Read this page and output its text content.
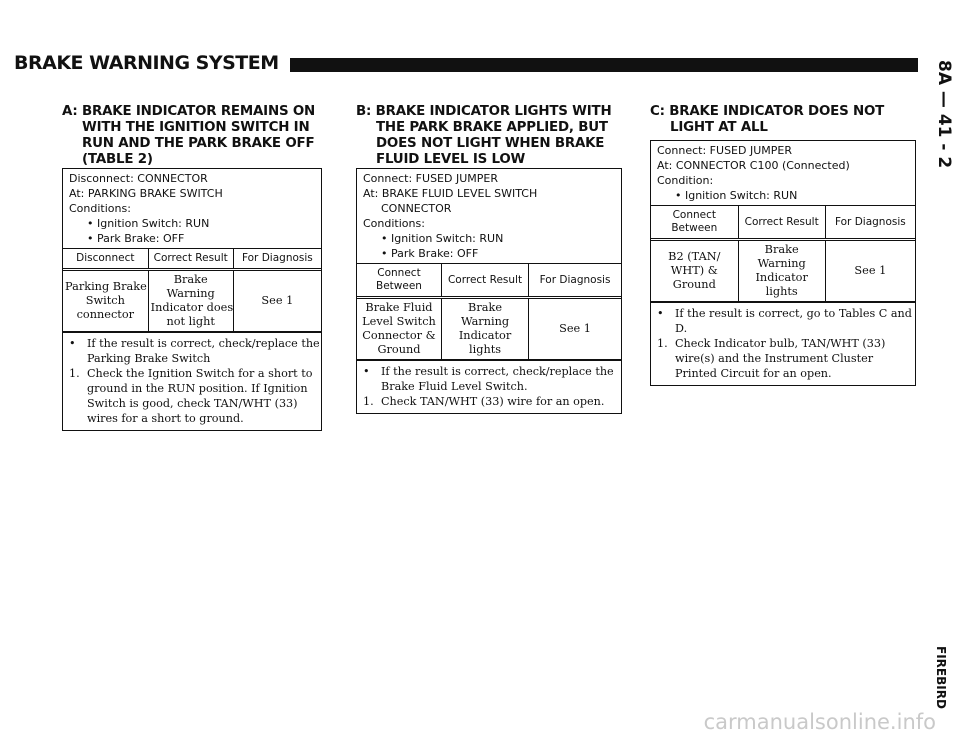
BRAKE WARNING SYSTEM	8A — 41 - 2
FIREBIRD
A: BRAKE INDICATOR REMAINS ON
WITH THE IGNITION SWITCH IN
RUN AND THE PARK BRAKE OFF
(TABLE 2)
Disconnect: CONNECTOR
At: PARKING BRAKE SWITCH
Conditions:
• Ignition Switch: RUN
• Park Brake: OFF
Disconnect	Correct Result	For Diagnosis

Parking Brake
Switch
connector	Brake
Warning
Indicator does
not light	See 1
•	If the result is correct, check/replace the
Parking Brake Switch
1. Check the Ignition Switch for a short to
ground in the RUN position. If Ignition
Switch is good, check TAN/WHT (33)
wires for a short to ground.
B: BRAKE INDICATOR LIGHTS WITH
THE PARK BRAKE APPLIED, BUT
DOES NOT LIGHT WHEN BRAKE
FLUID LEVEL IS LOW
Connect: FUSED JUMPER
At: BRAKE FLUID LEVEL SWITCH
CONNECTOR
Conditions:
• Ignition Switch: RUN
• Park Brake: OFF
Connect Between	Correct Result	For Diagnosis

Brake Fluid
Level Switch
Connector &
Ground	Brake
Warning
Indicator
lights	See 1
•	If the result is correct, check/replace the
Brake Fluid Level Switch.
1. Check TAN/WHT (33) wire for an open.
C: BRAKE INDICATOR DOES NOT
LIGHT AT ALL
Connect: FUSED JUMPER
At: CONNECTOR C100 (Connected)
Condition:
• Ignition Switch: RUN
Connect Between	Correct Result	For Diagnosis

B2 (TAN/
WHT) &
Ground	Brake
Warning
Indicator
lights	See 1
•	If the result is correct, go to Tables C and
D.
1. Check Indicator bulb, TAN/WHT (33)
wire(s) and the Instrument Cluster
Printed Circuit for an open.
carmanualsonline.info
